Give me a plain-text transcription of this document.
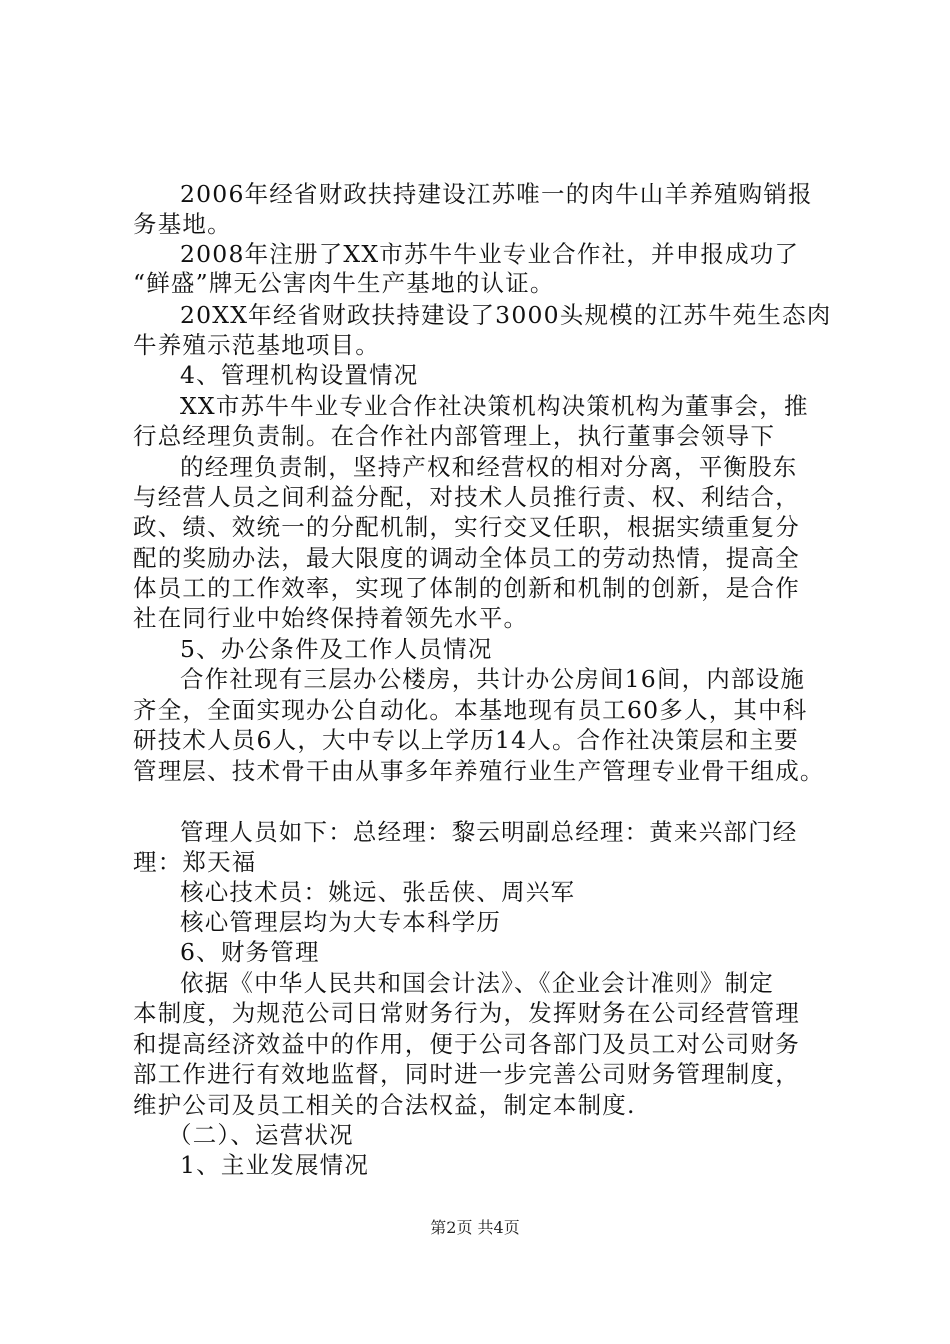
2006年经省财政扶持建设江苏唯一的肉牛山羊养殖购销报
务基地。
2008年注册了XX市苏牛牛业专业合作社，并申报成功了
“鲜盛”牌无公害肉牛生产基地的认证。
20XX年经省财政扶持建设了3000头规模的江苏牛苑生态肉
牛养殖示范基地项目。
4、管理机构设置情况
XX市苏牛牛业专业合作社决策机构决策机构为董事会，推
行总经理负责制。在合作社内部管理上，执行董事会领导下
的经理负责制，坚持产权和经营权的相对分离，平衡股东
与经营人员之间利益分配，对技术人员推行责、权、利结合，
政、绩、效统一的分配机制，实行交叉任职，根据实绩重复分
配的奖励办法，最大限度的调动全体员工的劳动热情，提高全
体员工的工作效率，实现了体制的创新和机制的创新，是合作
社在同行业中始终保持着领先水平。
5、办公条件及工作人员情况
合作社现有三层办公楼房，共计办公房间16间，内部设施
齐全，全面实现办公自动化。本基地现有员工60多人，其中科
研技术人员6人，大中专以上学历14人。合作社决策层和主要
管理层、技术骨干由从事多年养殖行业生产管理专业骨干组成。
管理人员如下：总经理：黎云明副总经理：黄来兴部门经
理：郑天福
核心技术员：姚远、张岳侠、周兴军
核心管理层均为大专本科学历
6、财务管理
依据《中华人民共和国会计法》、《企业会计准则》制定
本制度，为规范公司日常财务行为，发挥财务在公司经营管理
和提高经济效益中的作用，便于公司各部门及员工对公司财务
部工作进行有效地监督，同时进一步完善公司财务管理制度，
维护公司及员工相关的合法权益，制定本制度.
（二）、运营状况
1、主业发展情况
第2页 共4页
